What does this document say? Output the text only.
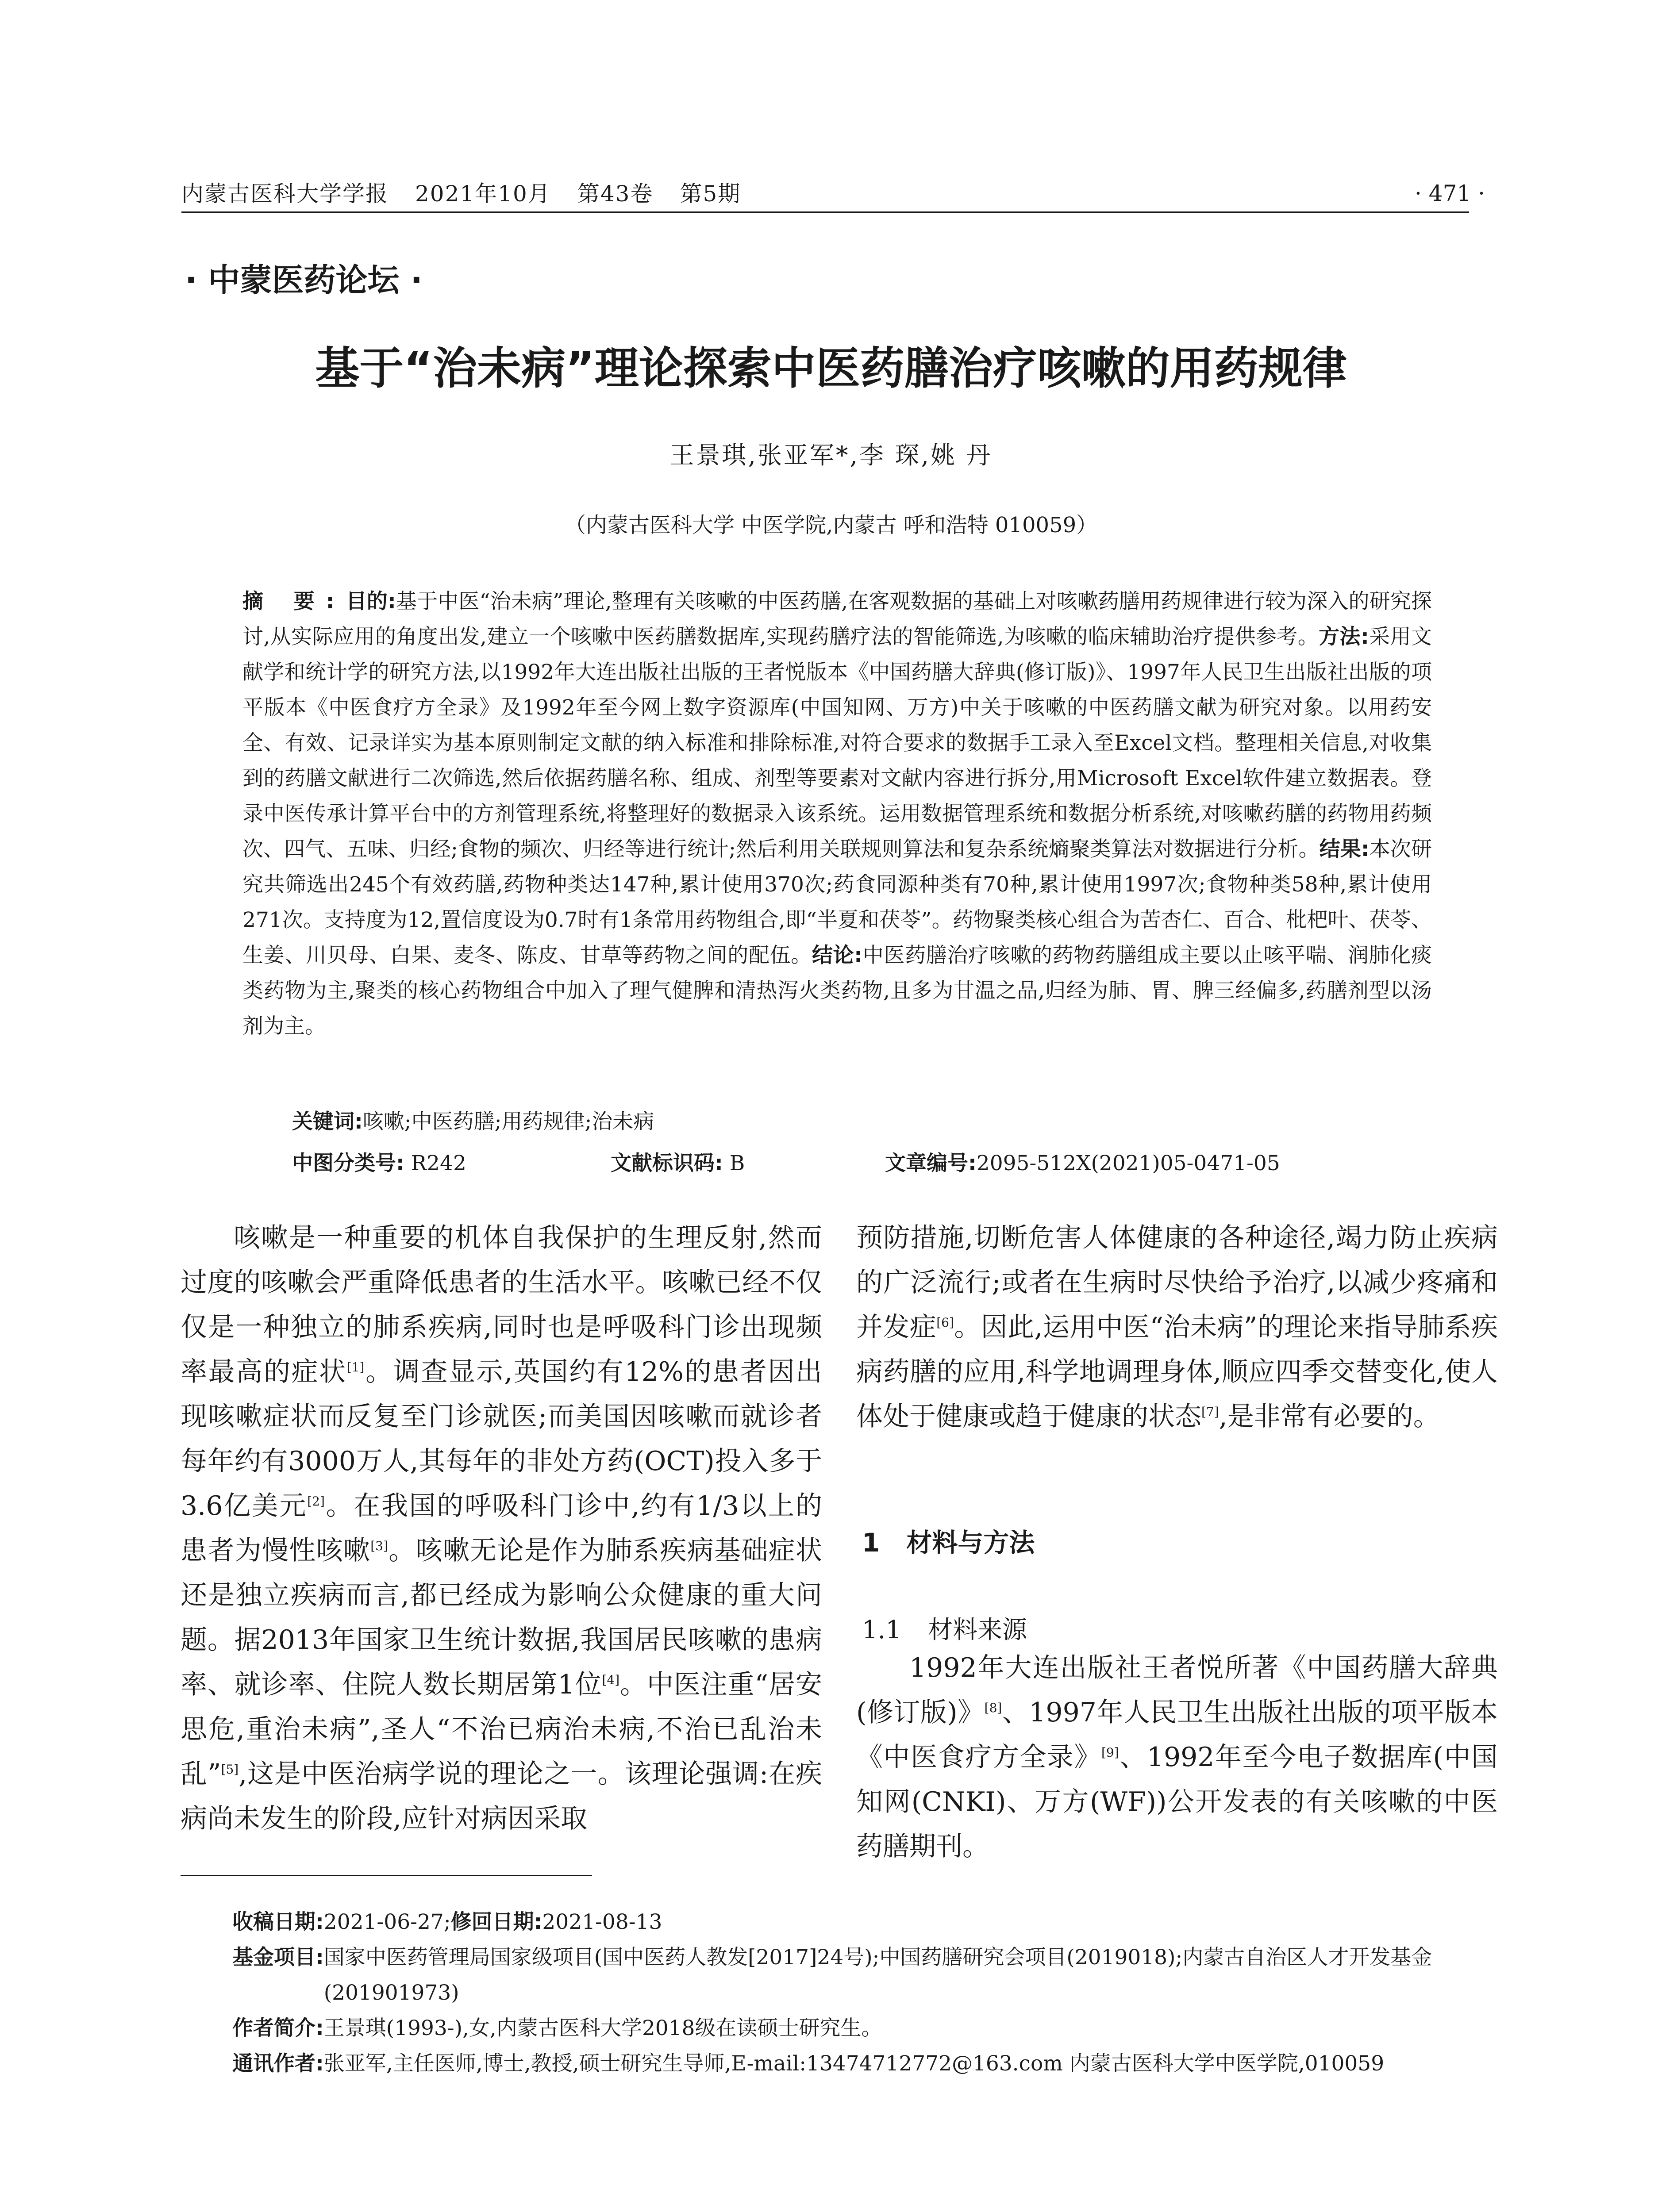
内蒙古医科大学学报 2021年10月 第43卷 第5期	· 471 ·
· 中蒙医药论坛 ·
基于“治未病”理论探索中医药膳治疗咳嗽的用药规律
王景琪,张亚军*,李 琛,姚 丹
（内蒙古医科大学 中医学院,内蒙古 呼和浩特 010059）
摘 要:目的:基于中医“治未病”理论,整理有关咳嗽的中医药膳,在客观数据的基础上对咳嗽药膳用药规律进行较为深入的研究探讨,从实际应用的角度出发,建立一个咳嗽中医药膳数据库,实现药膳疗法的智能筛选,为咳嗽的临床辅助治疗提供参考。方法:采用文献学和统计学的研究方法,以1992年大连出版社出版的王者悦版本《中国药膳大辞典(修订版)》、1997年人民卫生出版社出版的项平版本《中医食疗方全录》及1992年至今网上数字资源库(中国知网、万方)中关于咳嗽的中医药膳文献为研究对象。以用药安全、有效、记录详实为基本原则制定文献的纳入标准和排除标准,对符合要求的数据手工录入至Excel文档。整理相关信息,对收集到的药膳文献进行二次筛选,然后依据药膳名称、组成、剂型等要素对文献内容进行拆分,用Microsoft Excel软件建立数据表。登录中医传承计算平台中的方剂管理系统,将整理好的数据录入该系统。运用数据管理系统和数据分析系统,对咳嗽药膳的药物用药频次、四气、五味、归经;食物的频次、归经等进行统计;然后利用关联规则算法和复杂系统熵聚类算法对数据进行分析。结果:本次研究共筛选出245个有效药膳,药物种类达147种,累计使用370次;药食同源种类有70种,累计使用1997次;食物种类58种,累计使用271次。支持度为12,置信度设为0.7时有1条常用药物组合,即“半夏和茯苓”。药物聚类核心组合为苦杏仁、百合、枇杷叶、茯苓、生姜、川贝母、白果、麦冬、陈皮、甘草等药物之间的配伍。结论:中医药膳治疗咳嗽的药物药膳组成主要以止咳平喘、润肺化痰类药物为主,聚类的核心药物组合中加入了理气健脾和清热泻火类药物,且多为甘温之品,归经为肺、胃、脾三经偏多,药膳剂型以汤剂为主。
关键词:咳嗽;中医药膳;用药规律;治未病
中图分类号: R242	文献标识码: B	文章编号:2095-512X(2021)05-0471-05

咳嗽是一种重要的机体自我保护的生理反射,然而过度的咳嗽会严重降低患者的生活水平。咳嗽已经不仅仅是一种独立的肺系疾病,同时也是呼吸科门诊出现频率最高的症状[1]。调查显示,英国约有12%的患者因出现咳嗽症状而反复至门诊就医;而美国因咳嗽而就诊者每年约有3000万人,其每年的非处方药(OCT)投入多于3.6亿美元[2]。在我国的呼吸科门诊中,约有1/3以上的患者为慢性咳嗽[3]。咳嗽无论是作为肺系疾病基础症状还是独立疾病而言,都已经成为影响公众健康的重大问题。据2013年国家卫生统计数据,我国居民咳嗽的患病率、就诊率、住院人数长期居第1位[4]。中医注重“居安思危,重治未病”,圣人“不治已病治未病,不治已乱治未乱”[5],这是中医治病学说的理论之一。该理论强调:在疾病尚未发生的阶段,应针对病因采取

预防措施,切断危害人体健康的各种途径,竭力防止疾病的广泛流行;或者在生病时尽快给予治疗,以减少疼痛和并发症[6]。因此,运用中医“治未病”的理论来指导肺系疾病药膳的应用,科学地调理身体,顺应四季交替变化,使人体处于健康或趋于健康的状态[7],是非常有必要的。

1 材料与方法
1.1 材料来源

1992年大连出版社王者悦所著《中国药膳大辞典(修订版)》[8]、1997年人民卫生出版社出版的项平版本《中医食疗方全录》[9]、1992年至今电子数据库(中国知网(CNKI)、万方(WF))公开发表的有关咳嗽的中医药膳期刊。

收稿日期: 2021-06-27; 修回日期: 2021-08-13
基金项目: 国家中医药管理局国家级项目(国中医药人教发[2017]24号);中国药膳研究会项目(2019018);内蒙古自治区人才开发基金(201901973)
作者简介: 王景琪(1993-),女,内蒙古医科大学2018级在读硕士研究生。
通讯作者: 张亚军,主任医师,博士,教授,硕士研究生导师,E-mail:13474712772@163.com 内蒙古医科大学中医学院,010059
